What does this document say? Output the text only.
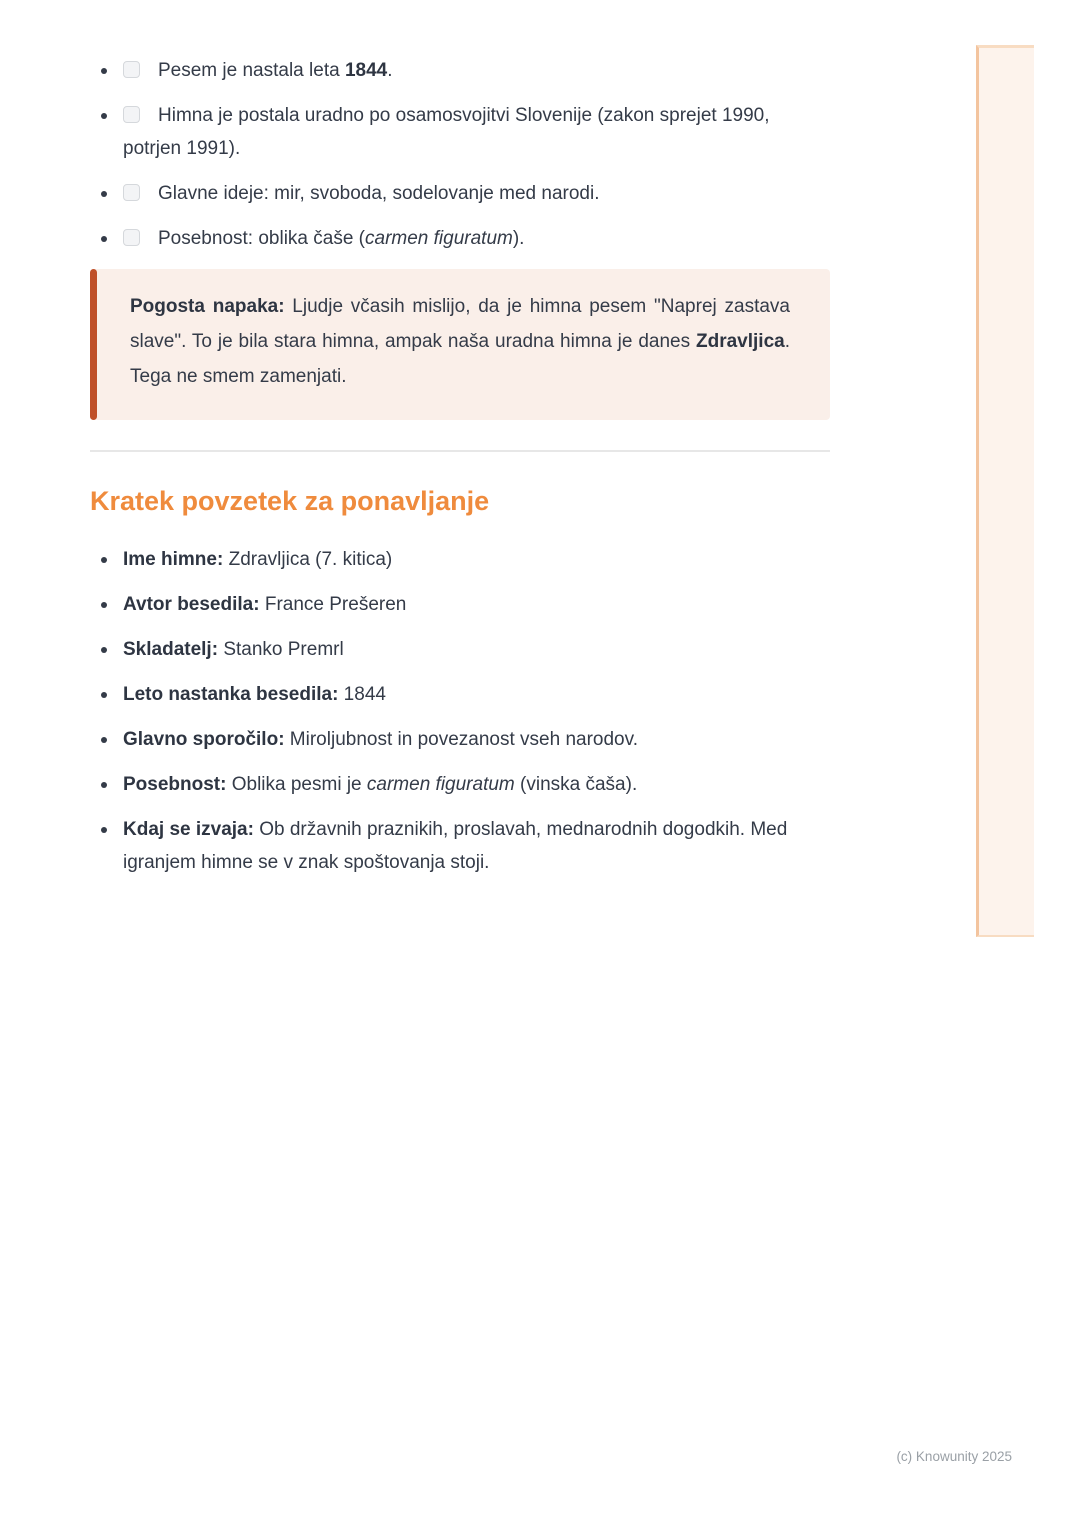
Pesem je nastala leta 1844.
Himna je postala uradno po osamosvojitvi Slovenije (zakon sprejet 1990, potrjen 1991).
Glavne ideje: mir, svoboda, sodelovanje med narodi.
Posebnost: oblika čaše (carmen figuratum).

Pogosta napaka: Ljudje včasih mislijo, da je himna pesem "Naprej zastava slave". To je bila stara himna, ampak naša uradna himna je danes Zdravljica. Tega ne smem zamenjati.

Kratek povzetek za ponavljanje
Ime himne: Zdravljica (7. kitica)
Avtor besedila: France Prešeren
Skladatelj: Stanko Premrl
Leto nastanka besedila: 1844
Glavno sporočilo: Miroljubnost in povezanost vseh narodov.
Posebnost: Oblika pesmi je carmen figuratum (vinska čaša).
Kdaj se izvaja: Ob državnih praznikih, proslavah, mednarodnih dogodkih. Med igranjem himne se v znak spoštovanja stoji.
(c) Knowunity 2025
